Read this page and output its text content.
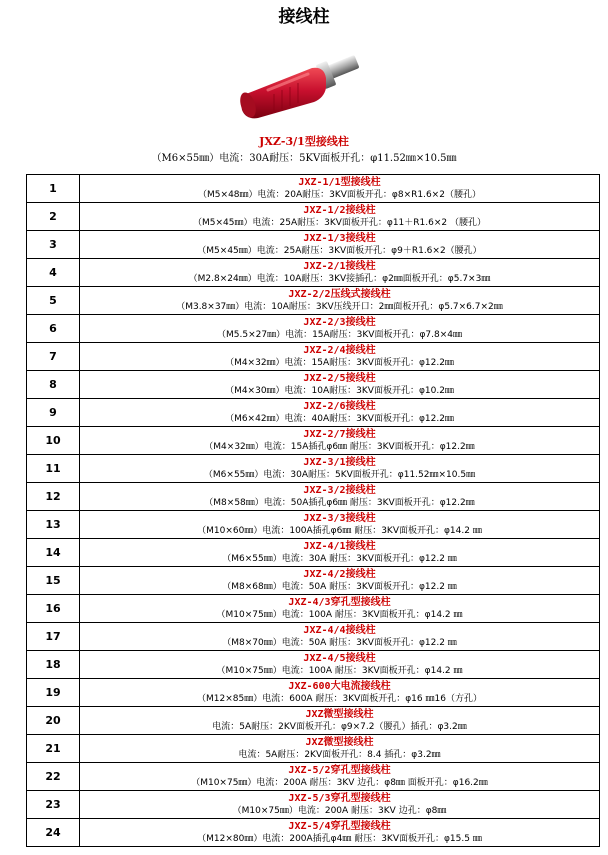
接线柱
JXZ-3/1型接线柱
（M6×55㎜）电流：30A耐压：5KV面板开孔：φ11.52㎜×10.5㎜
1	JXZ-1/1型接线柱
（M5×48㎜）电流：20A耐压：3KV面板开孔：φ8×R1.6×2（腰孔）

2	JXZ-1/2接线柱
（M5×45㎜）电流：25A耐压：3KV面板开孔：φ11＋R1.6×2 （腰孔）

3	JXZ-1/3接线柱
（M5×45㎜）电流：25A耐压：3KV面板开孔：φ9＋R1.6×2（腰孔）

4	JXZ-2/1接线柱
（M2.8×24㎜）电流：10A耐压：3KV接插孔：φ2㎜面板开孔：φ5.7×3㎜

5	JXZ-2/2压线式接线柱
（M3.8×37㎜）电流：10A耐压：3KV压线开口：2㎜面板开孔：φ5.7×6.7×2㎜

6	JXZ-2/3接线柱
（M5.5×27㎜）电流：15A耐压：3KV面板开孔：φ7.8×4㎜

7	JXZ-2/4接线柱
（M4×32㎜）电流：15A耐压：3KV面板开孔：φ12.2㎜

8	JXZ-2/5接线柱
（M4×30㎜）电流：10A耐压：3KV面板开孔：φ10.2㎜

9	JXZ-2/6接线柱
（M6×42㎜）电流：40A耐压：3KV面板开孔：φ12.2㎜

10	JXZ-2/7接线柱
（M4×32㎜）电流：15A插孔φ6㎜ 耐压：3KV面板开孔：φ12.2㎜

11	JXZ-3/1接线柱
（M6×55㎜）电流：30A耐压：5KV面板开孔：φ11.52㎜×10.5㎜

12	JXZ-3/2接线柱
（M8×58㎜）电流：50A插孔φ6㎜ 耐压：3KV面板开孔：φ12.2㎜

13	JXZ-3/3接线柱
（M10×60㎜）电流：100A插孔φ6㎜ 耐压：3KV面板开孔：φ14.2 ㎜

14	JXZ-4/1接线柱
（M6×55㎜）电流：30A 耐压：3KV面板开孔：φ12.2 ㎜

15	JXZ-4/2接线柱
（M8×68㎜）电流：50A 耐压：3KV面板开孔：φ12.2 ㎜

16	JXZ-4/3穿孔型接线柱
（M10×75㎜）电流：100A 耐压：3KV面板开孔：φ14.2 ㎜

17	JXZ-4/4接线柱
（M8×70㎜）电流：50A 耐压：3KV面板开孔：φ12.2 ㎜

18	JXZ-4/5接线柱
（M10×75㎜）电流：100A 耐压：3KV面板开孔：φ14.2 ㎜

19	JXZ-600大电流接线柱
（M12×85㎜）电流：600A 耐压：3KV面板开孔：φ16 ㎜16（方孔）

20	JXZ微型接线柱
电流：5A耐压：2KV面板开孔：φ9×7.2（腰孔）插孔：φ3.2㎜

21	JXZ微型接线柱
电流：5A耐压：2KV面板开孔：8.4 插孔：φ3.2㎜

22	JXZ-5/2穿孔型接线柱
（M10×75㎜）电流：200A 耐压：3KV 边孔：φ8㎜ 面板开孔：φ16.2㎜

23	JXZ-5/3穿孔型接线柱
（M10×75㎜）电流：200A 耐压：3KV 边孔：φ8㎜

24	JXZ-5/4穿孔型接线柱
（M12×80㎜）电流：200A插孔φ4㎜ 耐压：3KV面板开孔：φ15.5 ㎜
